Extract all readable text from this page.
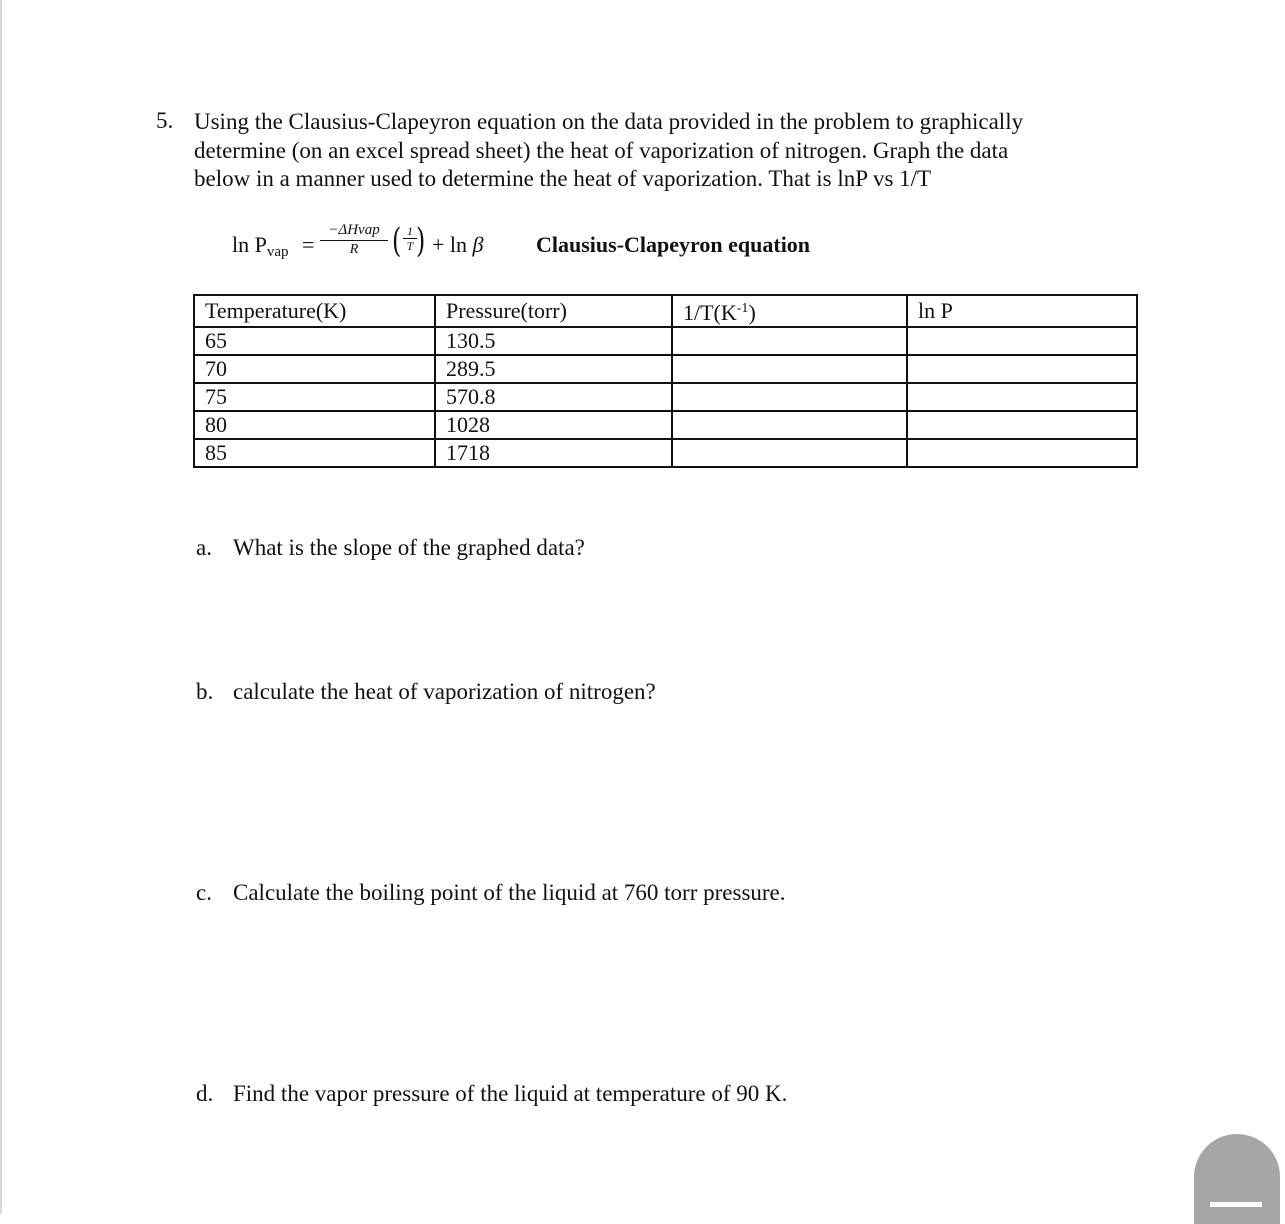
5. Using the Clausius-Clapeyron equation on the data provided in the problem to graphically
determine (on an excel spread sheet) the heat of vaporization of nitrogen. Graph the data
below in a manner used to determine the heat of vaporization. That is lnP vs 1/T
$\ln P_{vap}$ =
−ΔHvap
R ( $\frac{1}{T}$ ) + ln β Clausius-Clapeyron equation
Temperature(K)	Pressure(torr)	$1/T(K^{-1})$	ln P
65	130.5		
70	289.5		
75	570.8		
80	1028		
85	1718		
a. What is the slope of the graphed data?
b. calculate the heat of vaporization of nitrogen?
c. Calculate the boiling point of the liquid at 760 torr pressure.
d. Find the vapor pressure of the liquid at temperature of 90 K.
